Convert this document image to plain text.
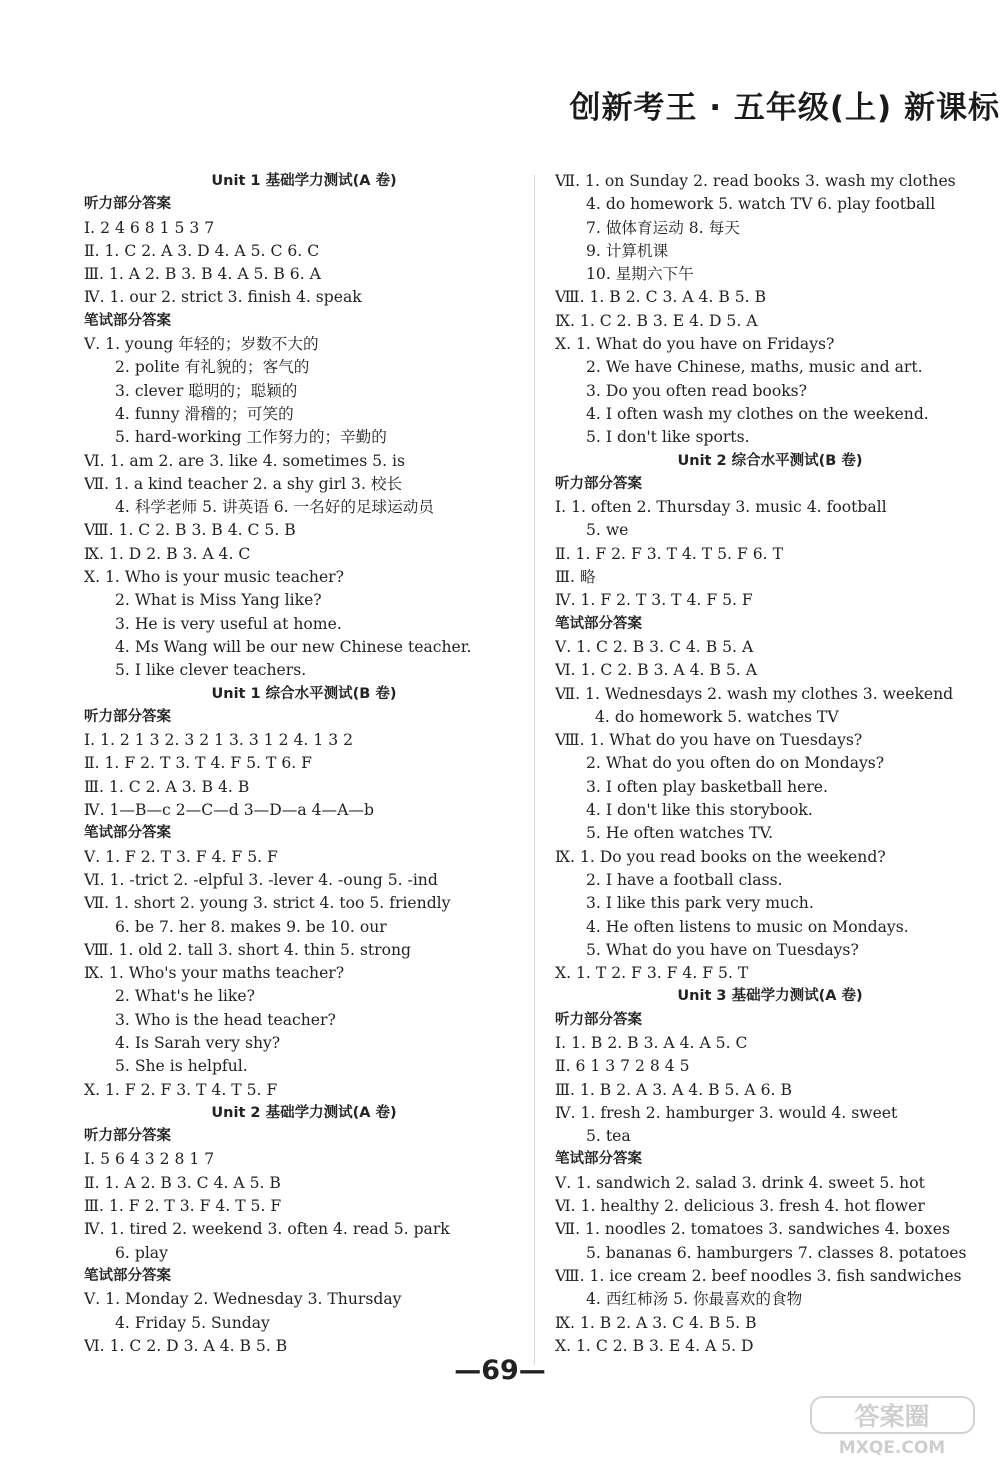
创新考王 · 五年级(上) 新课标
Unit 1 基础学力测试(A 卷)
听力部分答案
Ⅰ. 2 4 6 8 1 5 3 7
Ⅱ. 1. C 2. A 3. D 4. A 5. C 6. C
Ⅲ. 1. A 2. B 3. B 4. A 5. B 6. A
Ⅳ. 1. our 2. strict 3. finish 4. speak
笔试部分答案
Ⅴ. 1. young 年轻的；岁数不大的
2. polite 有礼貌的；客气的
3. clever 聪明的；聪颖的
4. funny 滑稽的；可笑的
5. hard-working 工作努力的；辛勤的
Ⅵ. 1. am 2. are 3. like 4. sometimes 5. is
Ⅶ. 1. a kind teacher 2. a shy girl 3. 校长
4. 科学老师 5. 讲英语 6. 一名好的足球运动员
Ⅷ. 1. C 2. B 3. B 4. C 5. B
Ⅸ. 1. D 2. B 3. A 4. C
Ⅹ. 1. Who is your music teacher?
2. What is Miss Yang like?
3. He is very useful at home.
4. Ms Wang will be our new Chinese teacher.
5. I like clever teachers.
Unit 1 综合水平测试(B 卷)
听力部分答案
Ⅰ. 1. 2 1 3 2. 3 2 1 3. 3 1 2 4. 1 3 2
Ⅱ. 1. F 2. T 3. T 4. F 5. T 6. F
Ⅲ. 1. C 2. A 3. B 4. B
Ⅳ. 1—B—c 2—C—d 3—D—a 4—A—b
笔试部分答案
Ⅴ. 1. F 2. T 3. F 4. F 5. F
Ⅵ. 1. -trict 2. -elpful 3. -lever 4. -oung 5. -ind
Ⅶ. 1. short 2. young 3. strict 4. too 5. friendly
6. be 7. her 8. makes 9. be 10. our
Ⅷ. 1. old 2. tall 3. short 4. thin 5. strong
Ⅸ. 1. Who's your maths teacher?
2. What's he like?
3. Who is the head teacher?
4. Is Sarah very shy?
5. She is helpful.
Ⅹ. 1. F 2. F 3. T 4. T 5. F
Unit 2 基础学力测试(A 卷)
听力部分答案
Ⅰ. 5 6 4 3 2 8 1 7
Ⅱ. 1. A 2. B 3. C 4. A 5. B
Ⅲ. 1. F 2. T 3. F 4. T 5. F
Ⅳ. 1. tired 2. weekend 3. often 4. read 5. park
6. play
笔试部分答案
Ⅴ. 1. Monday 2. Wednesday 3. Thursday
4. Friday 5. Sunday
Ⅵ. 1. C 2. D 3. A 4. B 5. B
Ⅶ. 1. on Sunday 2. read books 3. wash my clothes
4. do homework 5. watch TV 6. play football
7. 做体育运动 8. 每天
9. 计算机课
10. 星期六下午
Ⅷ. 1. B 2. C 3. A 4. B 5. B
Ⅸ. 1. C 2. B 3. E 4. D 5. A
Ⅹ. 1. What do you have on Fridays?
2. We have Chinese, maths, music and art.
3. Do you often read books?
4. I often wash my clothes on the weekend.
5. I don't like sports.
Unit 2 综合水平测试(B 卷)
听力部分答案
Ⅰ. 1. often 2. Thursday 3. music 4. football
5. we
Ⅱ. 1. F 2. F 3. T 4. T 5. F 6. T
Ⅲ. 略
Ⅳ. 1. F 2. T 3. T 4. F 5. F
笔试部分答案
Ⅴ. 1. C 2. B 3. C 4. B 5. A
Ⅵ. 1. C 2. B 3. A 4. B 5. A
Ⅶ. 1. Wednesdays 2. wash my clothes 3. weekend
4. do homework 5. watches TV
Ⅷ. 1. What do you have on Tuesdays?
2. What do you often do on Mondays?
3. I often play basketball here.
4. I don't like this storybook.
5. He often watches TV.
Ⅸ. 1. Do you read books on the weekend?
2. I have a football class.
3. I like this park very much.
4. He often listens to music on Mondays.
5. What do you have on Tuesdays?
Ⅹ. 1. T 2. F 3. F 4. F 5. T
Unit 3 基础学力测试(A 卷)
听力部分答案
Ⅰ. 1. B 2. B 3. A 4. A 5. C
Ⅱ. 6 1 3 7 2 8 4 5
Ⅲ. 1. B 2. A 3. A 4. B 5. A 6. B
Ⅳ. 1. fresh 2. hamburger 3. would 4. sweet
5. tea
笔试部分答案
Ⅴ. 1. sandwich 2. salad 3. drink 4. sweet 5. hot
Ⅵ. 1. healthy 2. delicious 3. fresh 4. hot flower
Ⅶ. 1. noodles 2. tomatoes 3. sandwiches 4. boxes
5. bananas 6. hamburgers 7. classes 8. potatoes
Ⅷ. 1. ice cream 2. beef noodles 3. fish sandwiches
4. 西红柿汤 5. 你最喜欢的食物
Ⅸ. 1. B 2. A 3. C 4. B 5. B
Ⅹ. 1. C 2. B 3. E 4. A 5. D
—69—
答案圈
MXQE.COM
